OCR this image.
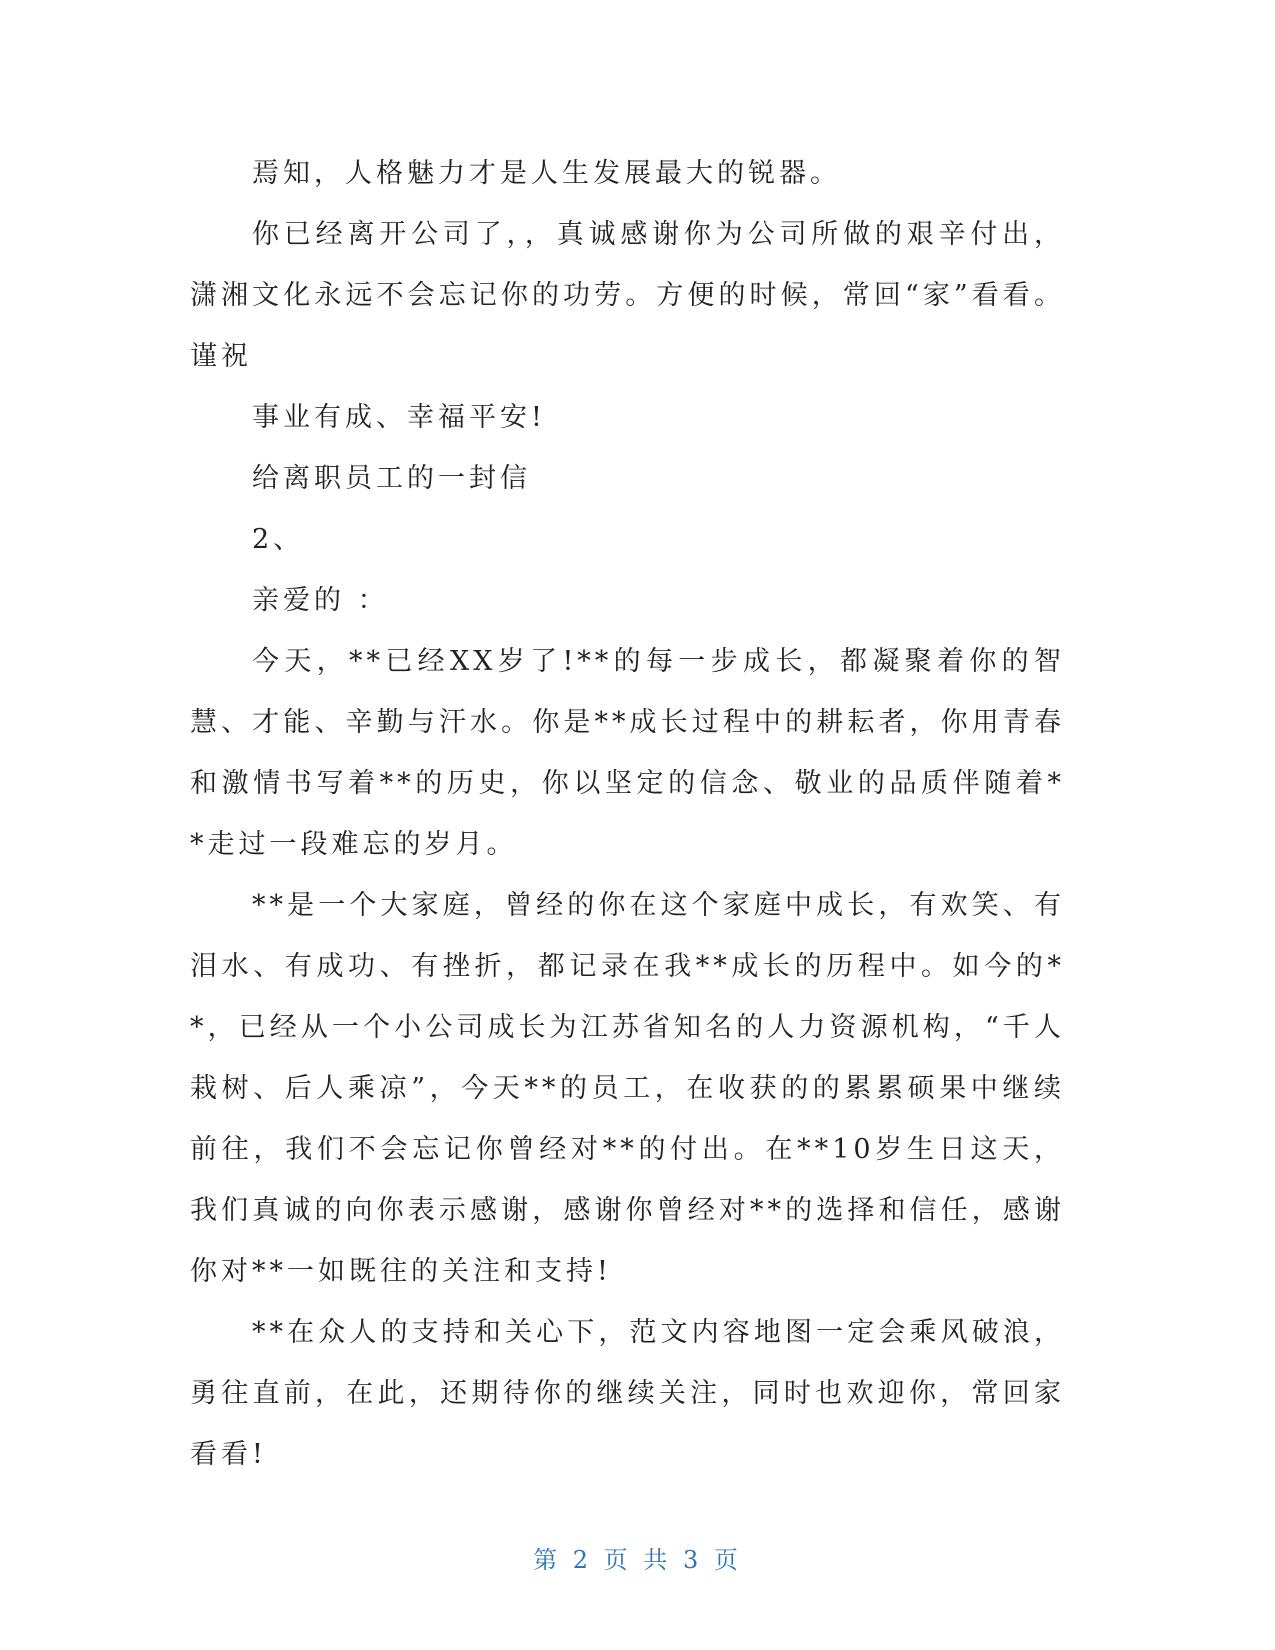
焉知，人格魅力才是人生发展最大的锐器。

你已经离开公司了，，真诚感谢你为公司所做的艰辛付出，潇湘文化永远不会忘记你的功劳。方便的时候，常回“家”看看。谨祝

事业有成、幸福平安!

给离职员工的一封信

2、

亲爱的 ：

今天，**已经XX岁了!**的每一步成长，都凝聚着你的智慧、才能、辛勤与汗水。你是**成长过程中的耕耘者，你用青春和激情书写着**的历史，你以坚定的信念、敬业的品质伴随着**走过一段难忘的岁月。

**是一个大家庭，曾经的你在这个家庭中成长，有欢笑、有泪水、有成功、有挫折，都记录在我**成长的历程中。如今的**，已经从一个小公司成长为江苏省知名的人力资源机构，“千人栽树、后人乘凉”，今天**的员工，在收获的的累累硕果中继续前往，我们不会忘记你曾经对**的付出。在**10岁生日这天，我们真诚的向你表示感谢，感谢你曾经对**的选择和信任，感谢你对**一如既往的关注和支持!

**在众人的支持和关心下，范文内容地图一定会乘风破浪，勇往直前，在此，还期待你的继续关注，同时也欢迎你，常回家看看!

第 2 页 共 3 页
